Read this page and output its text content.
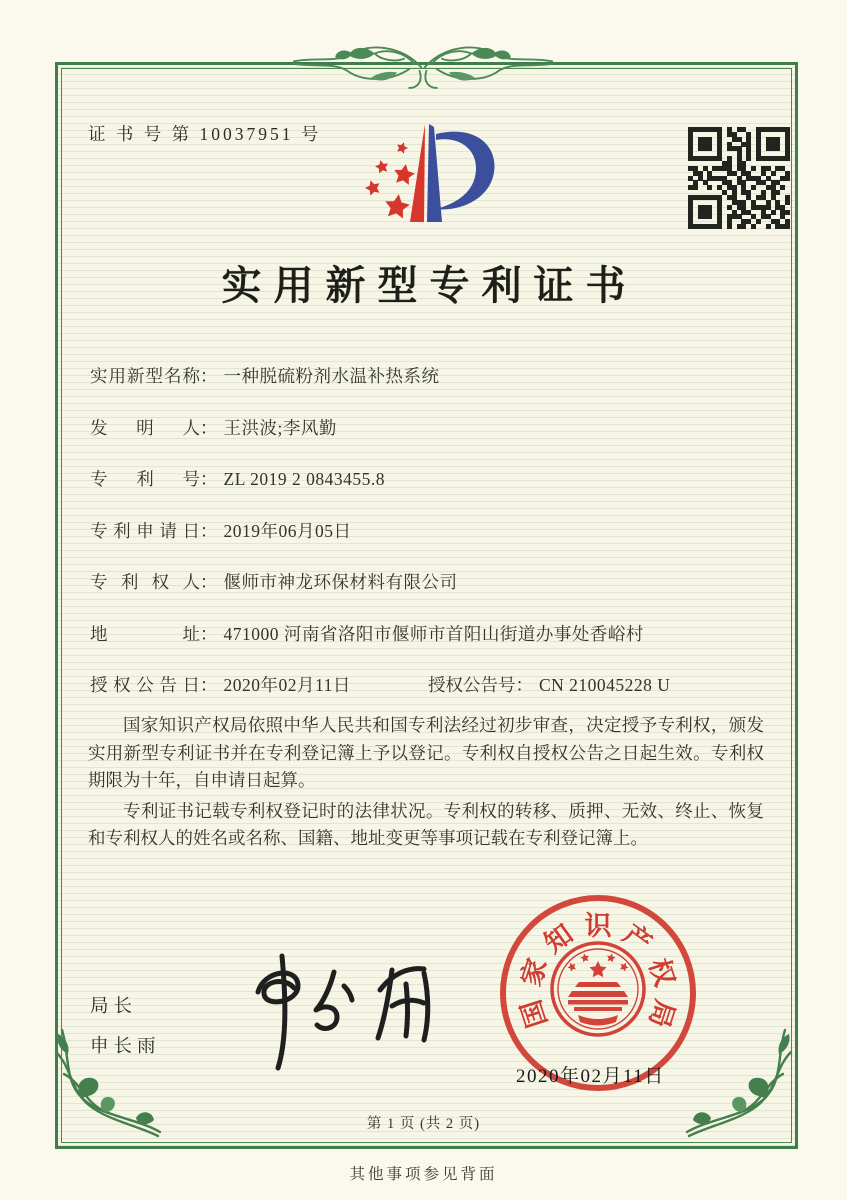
证 书 号 第 10037951 号
实用新型专利证书
实用新型名称： 一种脱硫粉剂水温补热系统
发明人： 王洪波;李风勤
专利号： ZL 2019 2 0843455.8
专利申请日： 2019年06月05日
专利权人： 偃师市神龙环保材料有限公司
地址： 471000 河南省洛阳市偃师市首阳山街道办事处香峪村
授权公告日： 2020年02月11日	授权公告号： CN 210045228 U

国家知识产权局依照中华人民共和国专利法经过初步审查，决定授予专利权，颁发实用新型专利证书并在专利登记簿上予以登记。专利权自授权公告之日起生效。专利权期限为十年，自申请日起算。

专利证书记载专利权登记时的法律状况。专利权的转移、质押、无效、终止、恢复和专利权人的姓名或名称、国籍、地址变更等事项记载在专利登记簿上。

局长
申长雨
国
家
知 识 产
权
局
2020年02月11日
第 1 页 (共 2 页)
其他事项参见背面
